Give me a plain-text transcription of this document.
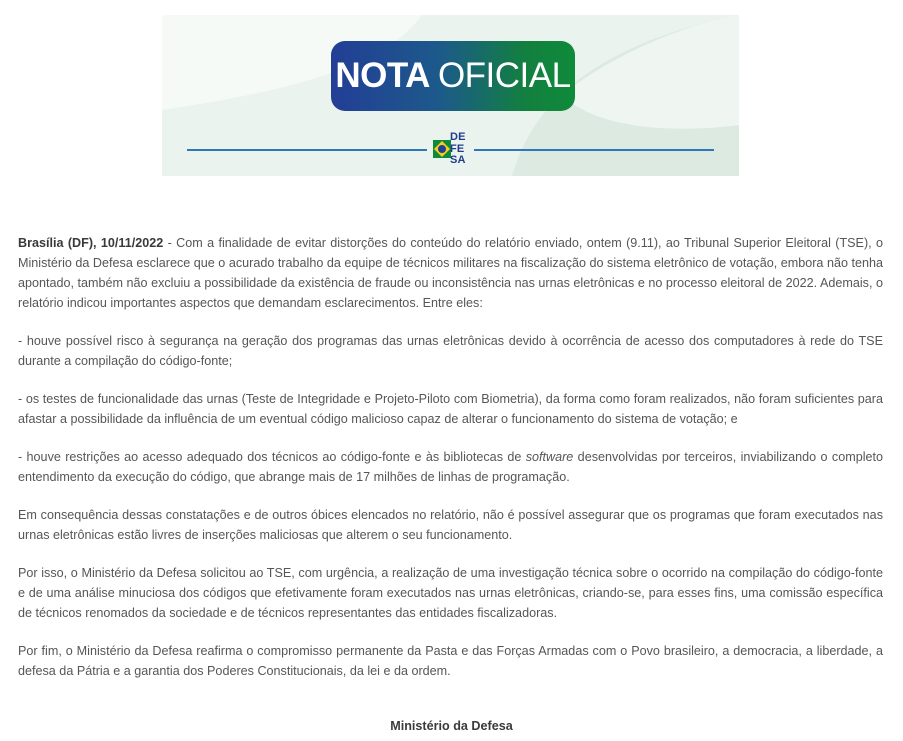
NOTA OFICIAL
DE
FE
SA

Brasília (DF), 10/11/2022 - Com a finalidade de evitar distorções do conteúdo do relatório enviado, ontem (9.11), ao Tribunal Superior Eleitoral (TSE), o Ministério da Defesa esclarece que o acurado trabalho da equipe de técnicos militares na fiscalização do sistema eletrônico de votação, embora não tenha apontado, também não excluiu a possibilidade da existência de fraude ou inconsistência nas urnas eletrônicas e no processo eleitoral de 2022. Ademais, o relatório indicou importantes aspectos que demandam esclarecimentos. Entre eles:

- houve possível risco à segurança na geração dos programas das urnas eletrônicas devido à ocorrência de acesso dos computadores à rede do TSE durante a compilação do código-fonte;

- os testes de funcionalidade das urnas (Teste de Integridade e Projeto-Piloto com Biometria), da forma como foram realizados, não foram suficientes para afastar a possibilidade da influência de um eventual código malicioso capaz de alterar o funcionamento do sistema de votação; e

- houve restrições ao acesso adequado dos técnicos ao código-fonte e às bibliotecas de software desenvolvidas por terceiros, inviabilizando o completo entendimento da execução do código, que abrange mais de 17 milhões de linhas de programação.

Em consequência dessas constatações e de outros óbices elencados no relatório, não é possível assegurar que os programas que foram executados nas urnas eletrônicas estão livres de inserções maliciosas que alterem o seu funcionamento.

Por isso, o Ministério da Defesa solicitou ao TSE, com urgência, a realização de uma investigação técnica sobre o ocorrido na compilação do código-fonte e de uma análise minuciosa dos códigos que efetivamente foram executados nas urnas eletrônicas, criando-se, para esses fins, uma comissão específica de técnicos renomados da sociedade e de técnicos representantes das entidades fiscalizadoras.

Por fim, o Ministério da Defesa reafirma o compromisso permanente da Pasta e das Forças Armadas com o Povo brasileiro, a democracia, a liberdade, a defesa da Pátria e a garantia dos Poderes Constitucionais, da lei e da ordem.

Ministério da Defesa
